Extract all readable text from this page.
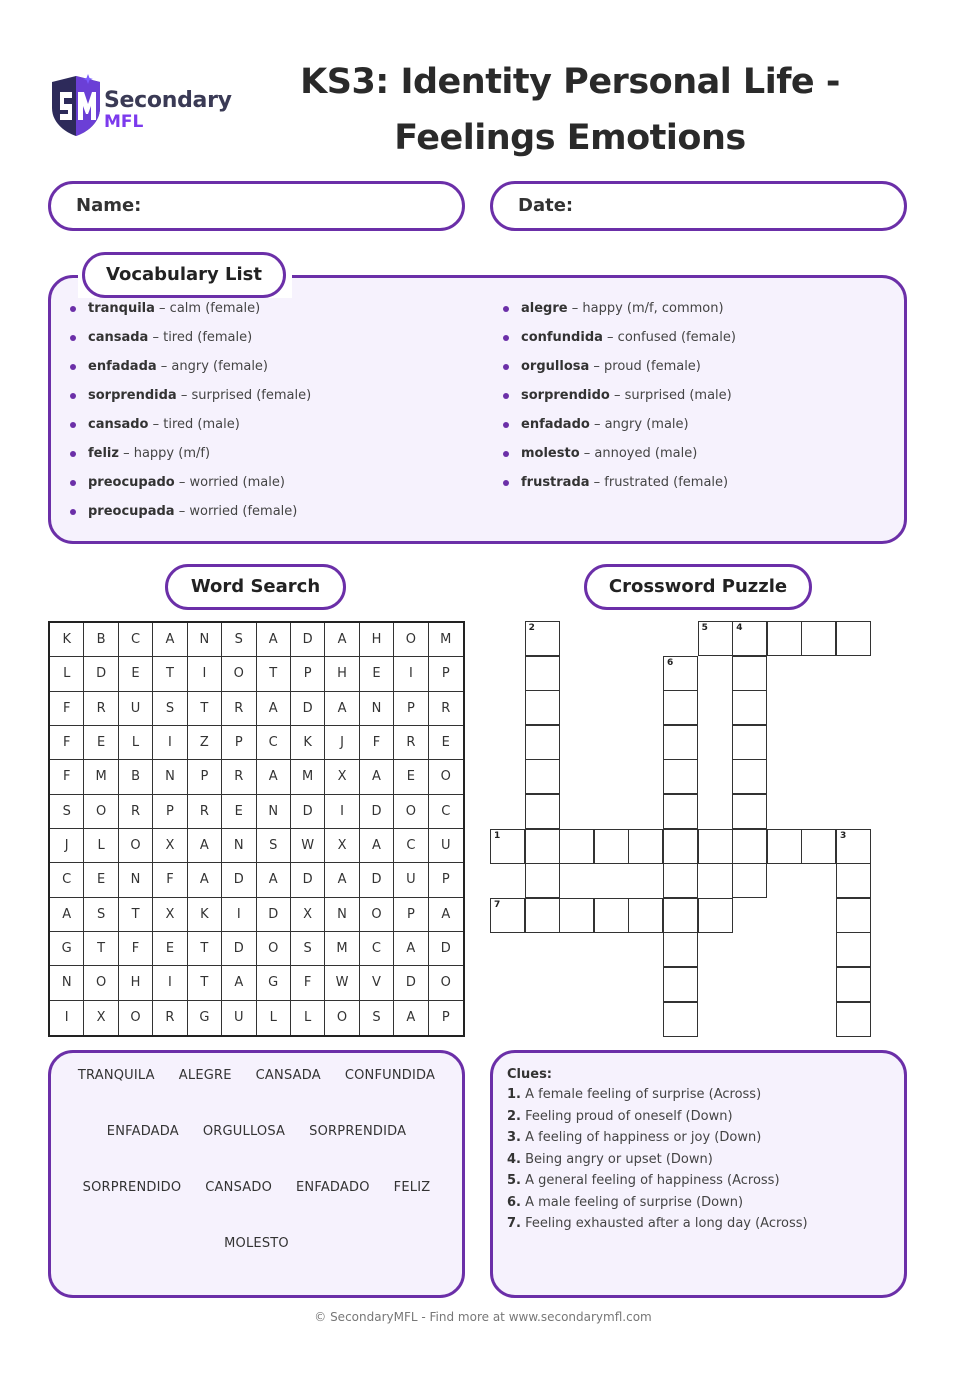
Secondary
MFL
KS3: Identity Personal Life -
Feelings Emotions
Name:	Date:
Vocabulary List
tranquila – calm (female)
cansada – tired (female)
enfadada – angry (female)
sorprendida – surprised (female)
cansado – tired (male)
feliz – happy (m/f)
preocupado – worried (male)
preocupada – worried (female)
alegre – happy (m/f, common)
confundida – confused (female)
orgullosa – proud (female)
sorprendido – surprised (male)
enfadado – angry (male)
molesto – annoyed (male)
frustrada – frustrated (female)
Word Search	Crossword Puzzle
K	B	C	A	N	S	A	D	A	H	O	M
L	D	E	T	I	O	T	P	H	E	I	P
F	R	U	S	T	R	A	D	A	N	P	R
F	E	L	I	Z	P	C	K	J	F	R	E
F	M	B	N	P	R	A	M	X	A	E	O
S	O	R	P	R	E	N	D	I	D	O	C
J	L	O	X	A	N	S	W	X	A	C	U
C	E	N	F	A	D	A	D	A	D	U	P
A	S	T	X	K	I	D	X	N	O	P	A
G	T	F	E	T	D	O	S	M	C	A	D
N	O	H	I	T	A	G	F	W	V	D	O
I	X	O	R	G	U	L	L	O	S	A	P
1	3
2	4
5
6
7
TRANQUILA ALEGRE CANSADA CONFUNDIDA
ENFADADA ORGULLOSA SORPRENDIDA
SORPRENDIDO CANSADO ENFADADO FELIZ
MOLESTO
Clues:
1. A female feeling of surprise (Across)
2. Feeling proud of oneself (Down)
3. A feeling of happiness or joy (Down)
4. Being angry or upset (Down)
5. A general feeling of happiness (Across)
6. A male feeling of surprise (Down)
7. Feeling exhausted after a long day (Across)
© SecondaryMFL - Find more at www.secondarymfl.com
